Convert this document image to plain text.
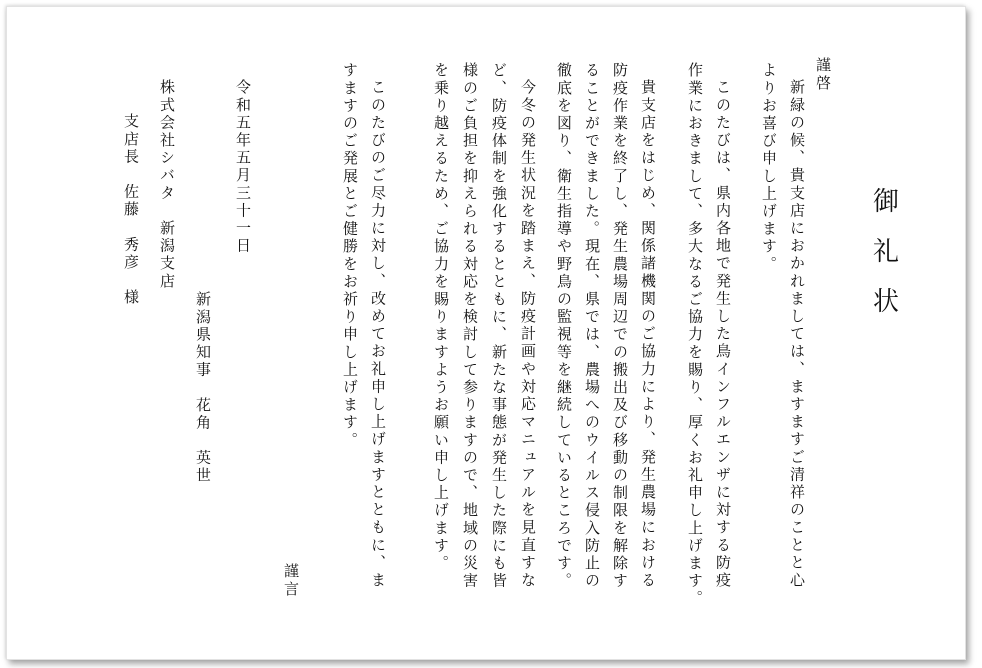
御
礼
状
謹啓
新緑の候、貴支店におかれましては、ますますご清祥のことと心
よりお喜び申し上げます。
このたびは、県内各地で発生した鳥インフルエンザに対する防疫
作業におきまして、多大なるご協力を賜り、厚くお礼申し上げます。
貴支店をはじめ、関係諸機関のご協力により、発生農場における
防疫作業を終了し、発生農場周辺での搬出及び移動の制限を解除す
ることができました。現在、県では、農場へのウイルス侵入防止の
徹底を図り、衛生指導や野鳥の監視等を継続しているところです。
今冬の発生状況を踏まえ、防疫計画や対応マニュアルを見直すな
ど、防疫体制を強化するとともに、新たな事態が発生した際にも皆
様のご負担を抑えられる対応を検討して参りますので、地域の災害
を乗り越えるため、ご協力を賜りますようお願い申し上げます。
このたびのご尽力に対し、改めてお礼申し上げますとともに、ま
すますのご発展とご健勝をお祈り申し上げます。
謹言
令和五年五月三十一日
新潟県知事　花角　英世
株式会社シバタ　新潟支店
支店長　佐藤　秀彦　様
